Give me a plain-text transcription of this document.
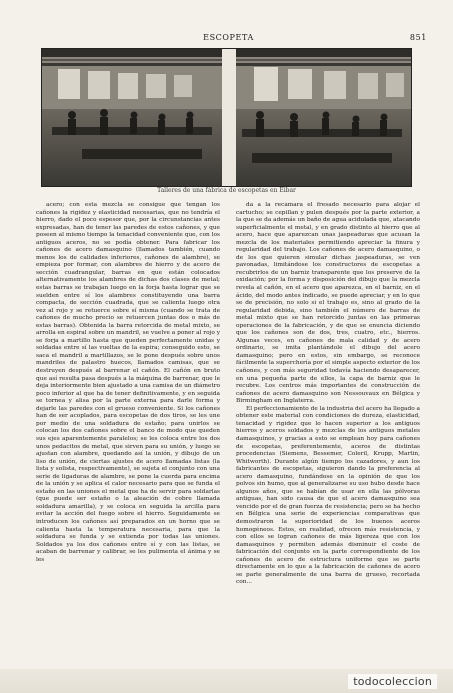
ESCOPETA	851
Talleres de una fábrica de escopetas en Eibar

acero; con esta mezcla se consigue que tengan los cañones la rigidez y elasticidad necesarias, que no tendría el hierro, dado el poco espesor que, por la circunstancias antes expresadas, han de tener las paredes de estos cañones, y que poseen al mismo tiempo la tenacidad conveniente que, con los antiguos aceros, no se podía obtener. Para fabricar los cañones de acero damasquino (llamados también, cuando menos los de calidades inferiores, cañones de alambre), se empieza por formar, con alambres de hierro y de acero de sección cuadrangular, barras en que están colocados alternativamente los alambres de dichas dos clases de metal; estas barras se trabajan luego en la forja hasta lograr que se suelden entre sí los alambres constituyendo una barra compacta, de sección cuadrada, que se calienta luego otra vez al rojo y se retuerce sobre sí misma (cuando se trata de cañones de mucho precio se retuercen juntas dos o más de estas barras). Obtenida la barra retorcida de metal mixto, se arrolla en espiral sobre un mandril, se vuelve a poner al rojo y se forja a martillo hasta que queden perfectamente unidas y soldadas entre sí las vueltas de la espira; conseguido esto, se saca el mandril a martillazos, se le pone después sobre unos mandriles de palastro huecos, llamados camisas, que se destruyen después al barrenar el cañón. El cañón en bruto que así resulta pasa después a la máquina de barrenar, que le deja interiormente bien ajustado a una camisa de un diámetro poco inferior al que ha de tener definitivamente, y en seguida se tornea y alisa por la parte externa para darle forma y dejarle las paredes con el grueso conveniente. Si los cañones han de ser acoplados, para escopetas de dos tiros, se les une por medio de una soldadura de estaño; para unirlos se colocan los dos cañones sobre el banco de modo que queden sus ejes aparentemente paralelos; se les coloca entre los dos unos pedacitos de metal, que sirven para su unión, y luego se ajustan con alambre, quedando así la unión, y dibujo de un liso de unión, de ciertas ajustes de acero llamadas listas (la lista y solista, respectivamente), se sujeta el conjunto con una serie de ligaduras de alambre, se pone la cuerda para encima de la unión y se aplica el calor necesario para que se funda el estaño en las uniones el metal que ha de servir para soldarlas (que puede ser estaño o la aleación de cobre llamada soldadura amarilla), y se coloca en seguida la arcilla para evitar la acción del fuego sobre el hierro. Seguidamente se introducen los cañones así preparados en un horno que se calienta hasta la temperatura necesaria, para que la soldadura se funda y se extienda por todas las uniones. Soldados ya los dos cañones entre sí y con las listas, se acaban de barrenar y calibrar, se les pulimenta el ánima y se les

da a la recámara el fresado necesario para alojar el cartucho; se cepillan y pulen después por la parte exterior, a la que se da además un baño de agua acidulada que, atacando superficialmente el metal, y en grado distinto al hierro que al acero, hace que aparezcan unas jaspeaduras que acusan la mezcla de los materiales permitiendo apreciar la finura y regularidad del trabajo. Los cañones de acero damasquino, o de los que quieren simular dichas jaspeaduras, se ven pavonadas, limitándose los constructores de escopetas a recubrirlos de un barniz transparente que los preserve de la oxidación; por la forma y disposición del dibujo que la mezcla revela al cañón, en el acero que aparezca, en el barniz, en el ácido, del modo antes indicado, se puede apreciar, y en lo que se de precisión, no solo si el trabajo es, sino al grado de la regularidad debida, sino también el número de barras de metal mixto que se han retorcido juntas en las primeras operaciones de la fabricación, y de que se enuncia diciendo que los cañones son de dos, tres, cuatro, etc., hierros. Algunas veces, en cañones de mala calidad y de acero ordinario, se imita plantándole el dibujo del acero damasquino; pero en estos, sin embargo, se reconoce fácilmente la superchería por el simple aspecto exterior de los cañones, y con más seguridad todavía haciendo desaparecer, en una pequeña parte de ellos, la capa de barniz que le recubre. Los centros más importantes de construcción de cañones de acero damasquino son Nessouvaux en Bélgica y Birmingham en Inglaterra.

El perfeccionamiento de la industria del acero ha llegado a obtener este material con condiciones de dureza, elasticidad, tenacidad y rigidez que lo hacen superior a los antiguos hierros y aceros soldados y mezclas de los antiguos metales damasquinos, y gracias a esto se emplean hoy para cañones de escopetas, preferentemente, aceros de distintas procedencias (Siemens, Bessemer, Coleril, Krupp, Martin, Whitworth). Durante algún tiempo los cazadores, y aun los fabricantes de escopetas, siguieron dando la preferencia al acero damasquino, fundándose en la opinión de que los polvos sin humo, que al generalizarse su uso hubo desde hace algunos años, que se habían de usar en ella las pólvoras antiguas, han sido causa de que el acero damasquino sea vencido por el de gran fuerza de resistencia; pero se ha hecho en Bélgica una serie de experiencias comparativas que demostraron la superioridad de los buenos aceros homogéneos. Estos, en realidad, ofrecen más resistencia, y con ellos se logran cañones de más ligereza que con los damasquinos y permiten además disminuir el coste de fabricación del conjunto en la parte correspondiente de los cañones de acero de estructura uniforme que se parte directamente en lo que a la fabricación de cañones de acero se parte generalmente de una barra de grueso, recortada con...

todocoleccion
